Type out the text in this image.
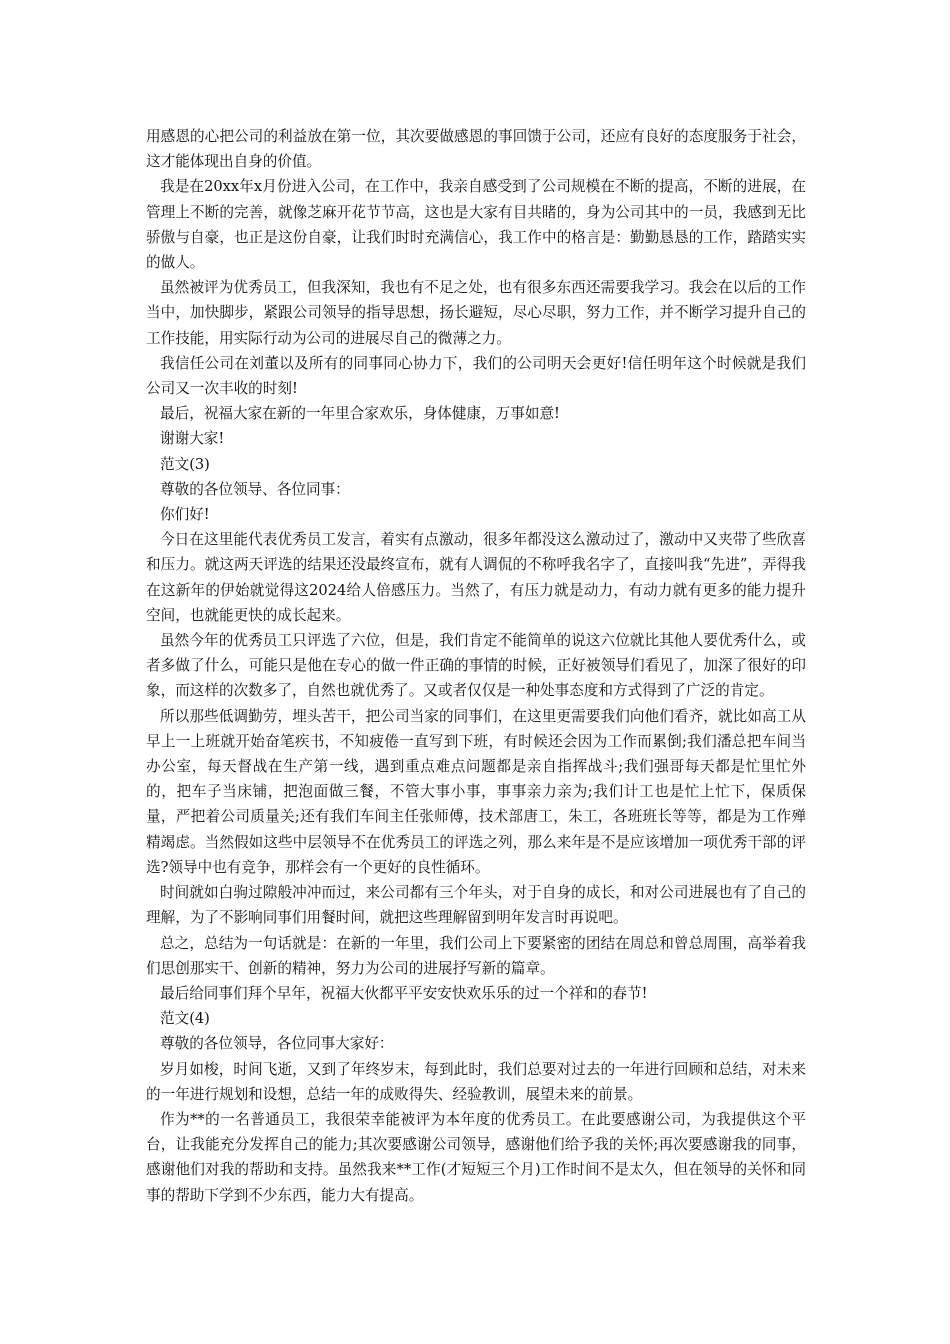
用感恩的心把公司的利益放在第一位，其次要做感恩的事回馈于公司，还应有良好的态度服务于社会，这才能体现出自身的价值。

我是在20xx年x月份进入公司，在工作中，我亲自感受到了公司规模在不断的提高，不断的进展，在管理上不断的完善，就像芝麻开花节节高，这也是大家有目共睹的，身为公司其中的一员，我感到无比骄傲与自豪，也正是这份自豪，让我们时时充满信心，我工作中的格言是：勤勤恳恳的工作，踏踏实实的做人。

虽然被评为优秀员工，但我深知，我也有不足之处，也有很多东西还需要我学习。我会在以后的工作当中，加快脚步，紧跟公司领导的指导思想，扬长避短，尽心尽职，努力工作，并不断学习提升自己的工作技能，用实际行动为公司的进展尽自己的微薄之力。

我信任公司在刘董以及所有的同事同心协力下，我们的公司明天会更好!信任明年这个时候就是我们公司又一次丰收的时刻!

最后，祝福大家在新的一年里合家欢乐，身体健康，万事如意!

谢谢大家!

范文(3)

尊敬的各位领导、各位同事：

你们好!

今日在这里能代表优秀员工发言，着实有点激动，很多年都没这么激动过了，激动中又夹带了些欣喜和压力。就这两天评选的结果还没最终宣布，就有人调侃的不称呼我名字了，直接叫我“先进”，弄得我在这新年的伊始就觉得这2024给人倍感压力。当然了，有压力就是动力，有动力就有更多的能力提升空间，也就能更快的成长起来。

虽然今年的优秀员工只评选了六位，但是，我们肯定不能简单的说这六位就比其他人要优秀什么，或者多做了什么，可能只是他在专心的做一件正确的事情的时候，正好被领导们看见了，加深了很好的印象，而这样的次数多了，自然也就优秀了。又或者仅仅是一种处事态度和方式得到了广泛的肯定。

所以那些低调勤劳，埋头苦干，把公司当家的同事们，在这里更需要我们向他们看齐，就比如高工从早上一上班就开始奋笔疾书，不知疲倦一直写到下班，有时候还会因为工作而累倒;我们潘总把车间当办公室，每天督战在生产第一线，遇到重点难点问题都是亲自指挥战斗;我们强哥每天都是忙里忙外的，把车子当床铺，把泡面做三餐，不管大事小事，事事亲力亲为;我们计工也是忙上忙下，保质保量，严把着公司质量关;还有我们车间主任张师傅，技术部唐工，朱工，各班班长等等，都是为工作殚精竭虑。当然假如这些中层领导不在优秀员工的评选之列，那么来年是不是应该增加一项优秀干部的评选?领导中也有竞争，那样会有一个更好的良性循环。

时间就如白驹过隙般冲冲而过，来公司都有三个年头，对于自身的成长，和对公司进展也有了自己的理解，为了不影响同事们用餐时间，就把这些理解留到明年发言时再说吧。

总之，总结为一句话就是：在新的一年里，我们公司上下要紧密的团结在周总和曾总周围，高举着我们思创那实干、创新的精神，努力为公司的进展抒写新的篇章。

最后给同事们拜个早年，祝福大伙都平平安安快欢乐乐的过一个祥和的春节!

范文(4)

尊敬的各位领导，各位同事大家好：

岁月如梭，时间飞逝，又到了年终岁末，每到此时，我们总要对过去的一年进行回顾和总结，对未来的一年进行规划和设想，总结一年的成败得失、经验教训，展望未来的前景。

作为**的一名普通员工，我很荣幸能被评为本年度的优秀员工。在此要感谢公司，为我提供这个平台，让我能充分发挥自己的能力;其次要感谢公司领导，感谢他们给予我的关怀;再次要感谢我的同事，感谢他们对我的帮助和支持。虽然我来**工作(才短短三个月)工作时间不是太久，但在领导的关怀和同事的帮助下学到不少东西，能力大有提高。
